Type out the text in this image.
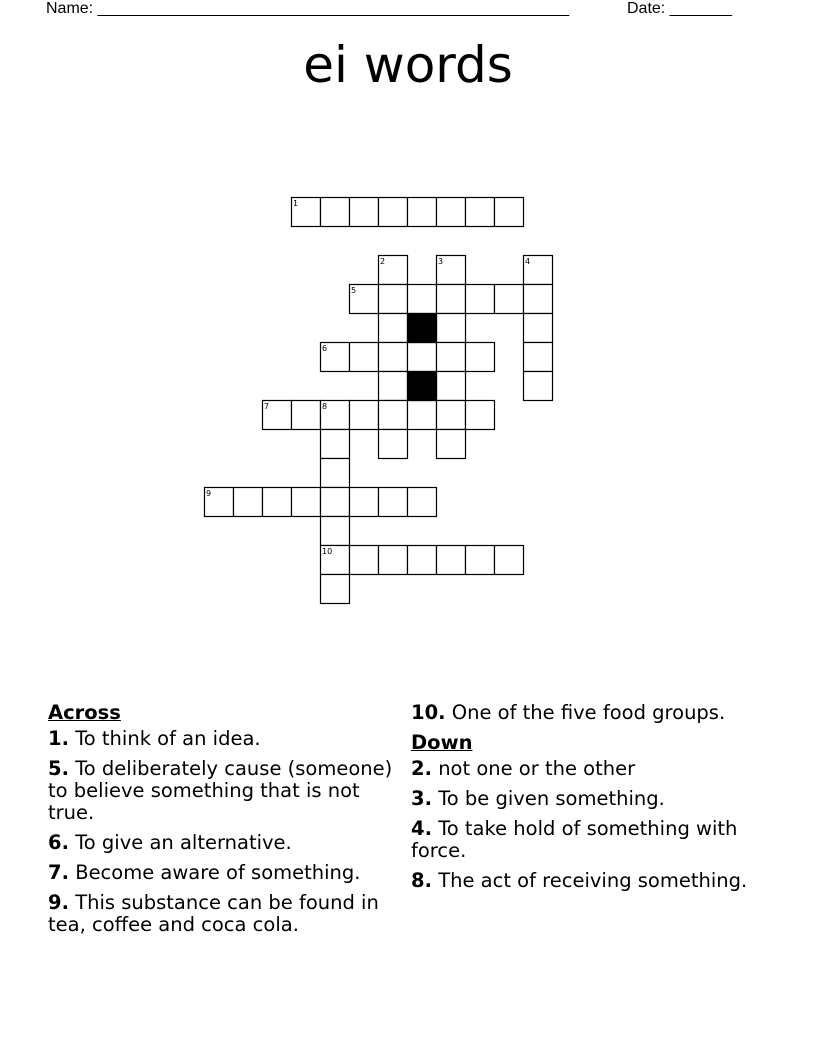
Name: _____________________________________________________	Date: _______
ei words
1
2	3	4
5
6
7	8
9
10
Across
1. To think of an idea.
5. To deliberately cause (someone) to believe something that is not true.
6. To give an alternative.
7. Become aware of something.
9. This substance can be found in tea, coffee and coca cola.
10. One of the five food groups.
Down
2. not one or the other
3. To be given something.
4. To take hold of something with force.
8. The act of receiving something.
